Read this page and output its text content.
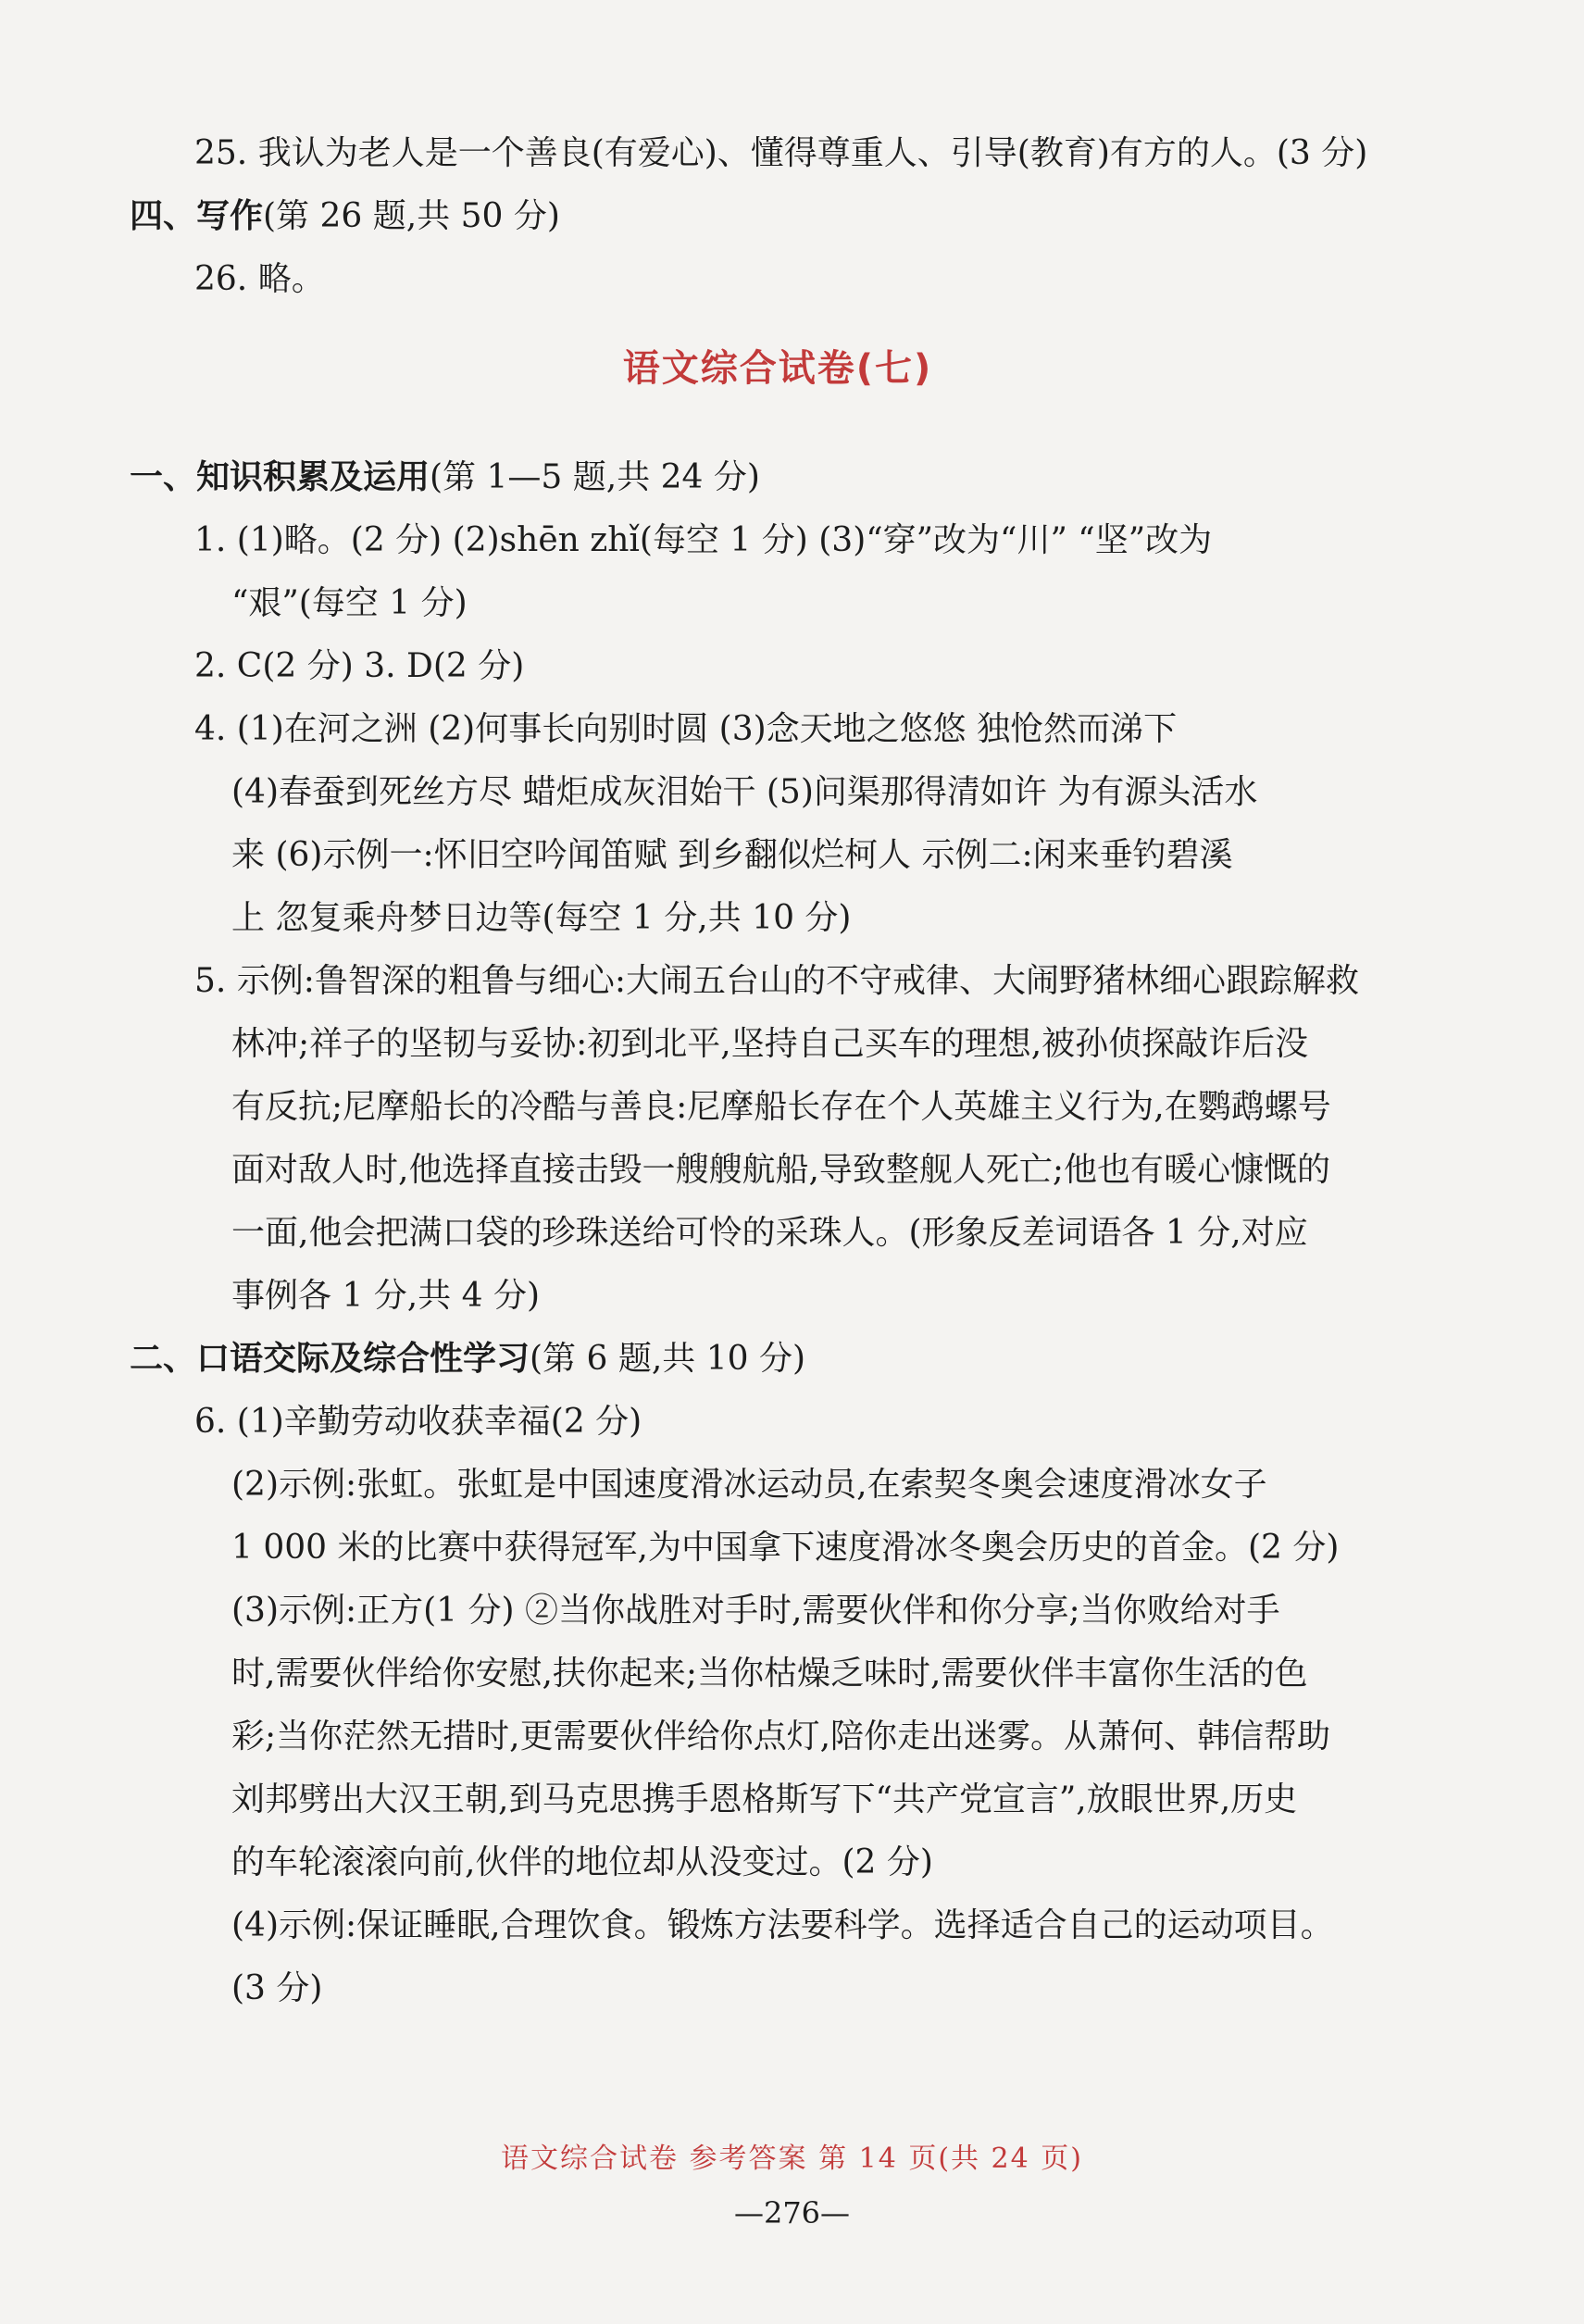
25. 我认为老人是一个善良(有爱心)、懂得尊重人、引导(教育)有方的人。(3 分)

四、写作(第 26 题,共 50 分)

26. 略。

语文综合试卷(七)

一、知识积累及运用(第 1—5 题,共 24 分)

1. (1)略。(2 分) (2)shēn zhǐ(每空 1 分) (3)“穿”改为“川” “坚”改为

“艰”(每空 1 分)

2. C(2 分) 3. D(2 分)

4. (1)在河之洲 (2)何事长向别时圆 (3)念天地之悠悠 独怆然而涕下

(4)春蚕到死丝方尽 蜡炬成灰泪始干 (5)问渠那得清如许 为有源头活水

来 (6)示例一:怀旧空吟闻笛赋 到乡翻似烂柯人 示例二:闲来垂钓碧溪

上 忽复乘舟梦日边等(每空 1 分,共 10 分)

5. 示例:鲁智深的粗鲁与细心:大闹五台山的不守戒律、大闹野猪林细心跟踪解救

林冲;祥子的坚韧与妥协:初到北平,坚持自己买车的理想,被孙侦探敲诈后没

有反抗;尼摩船长的冷酷与善良:尼摩船长存在个人英雄主义行为,在鹦鹉螺号

面对敌人时,他选择直接击毁一艘艘航船,导致整舰人死亡;他也有暖心慷慨的

一面,他会把满口袋的珍珠送给可怜的采珠人。(形象反差词语各 1 分,对应

事例各 1 分,共 4 分)

二、口语交际及综合性学习(第 6 题,共 10 分)

6. (1)辛勤劳动收获幸福(2 分)

(2)示例:张虹。张虹是中国速度滑冰运动员,在索契冬奥会速度滑冰女子

1 000 米的比赛中获得冠军,为中国拿下速度滑冰冬奥会历史的首金。(2 分)

(3)示例:正方(1 分) ②当你战胜对手时,需要伙伴和你分享;当你败给对手

时,需要伙伴给你安慰,扶你起来;当你枯燥乏味时,需要伙伴丰富你生活的色

彩;当你茫然无措时,更需要伙伴给你点灯,陪你走出迷雾。从萧何、韩信帮助

刘邦劈出大汉王朝,到马克思携手恩格斯写下“共产党宣言”,放眼世界,历史

的车轮滚滚向前,伙伴的地位却从没变过。(2 分)

(4)示例:保证睡眠,合理饮食。锻炼方法要科学。选择适合自己的运动项目。

(3 分)

语文综合试卷 参考答案 第 14 页(共 24 页)
—276—
